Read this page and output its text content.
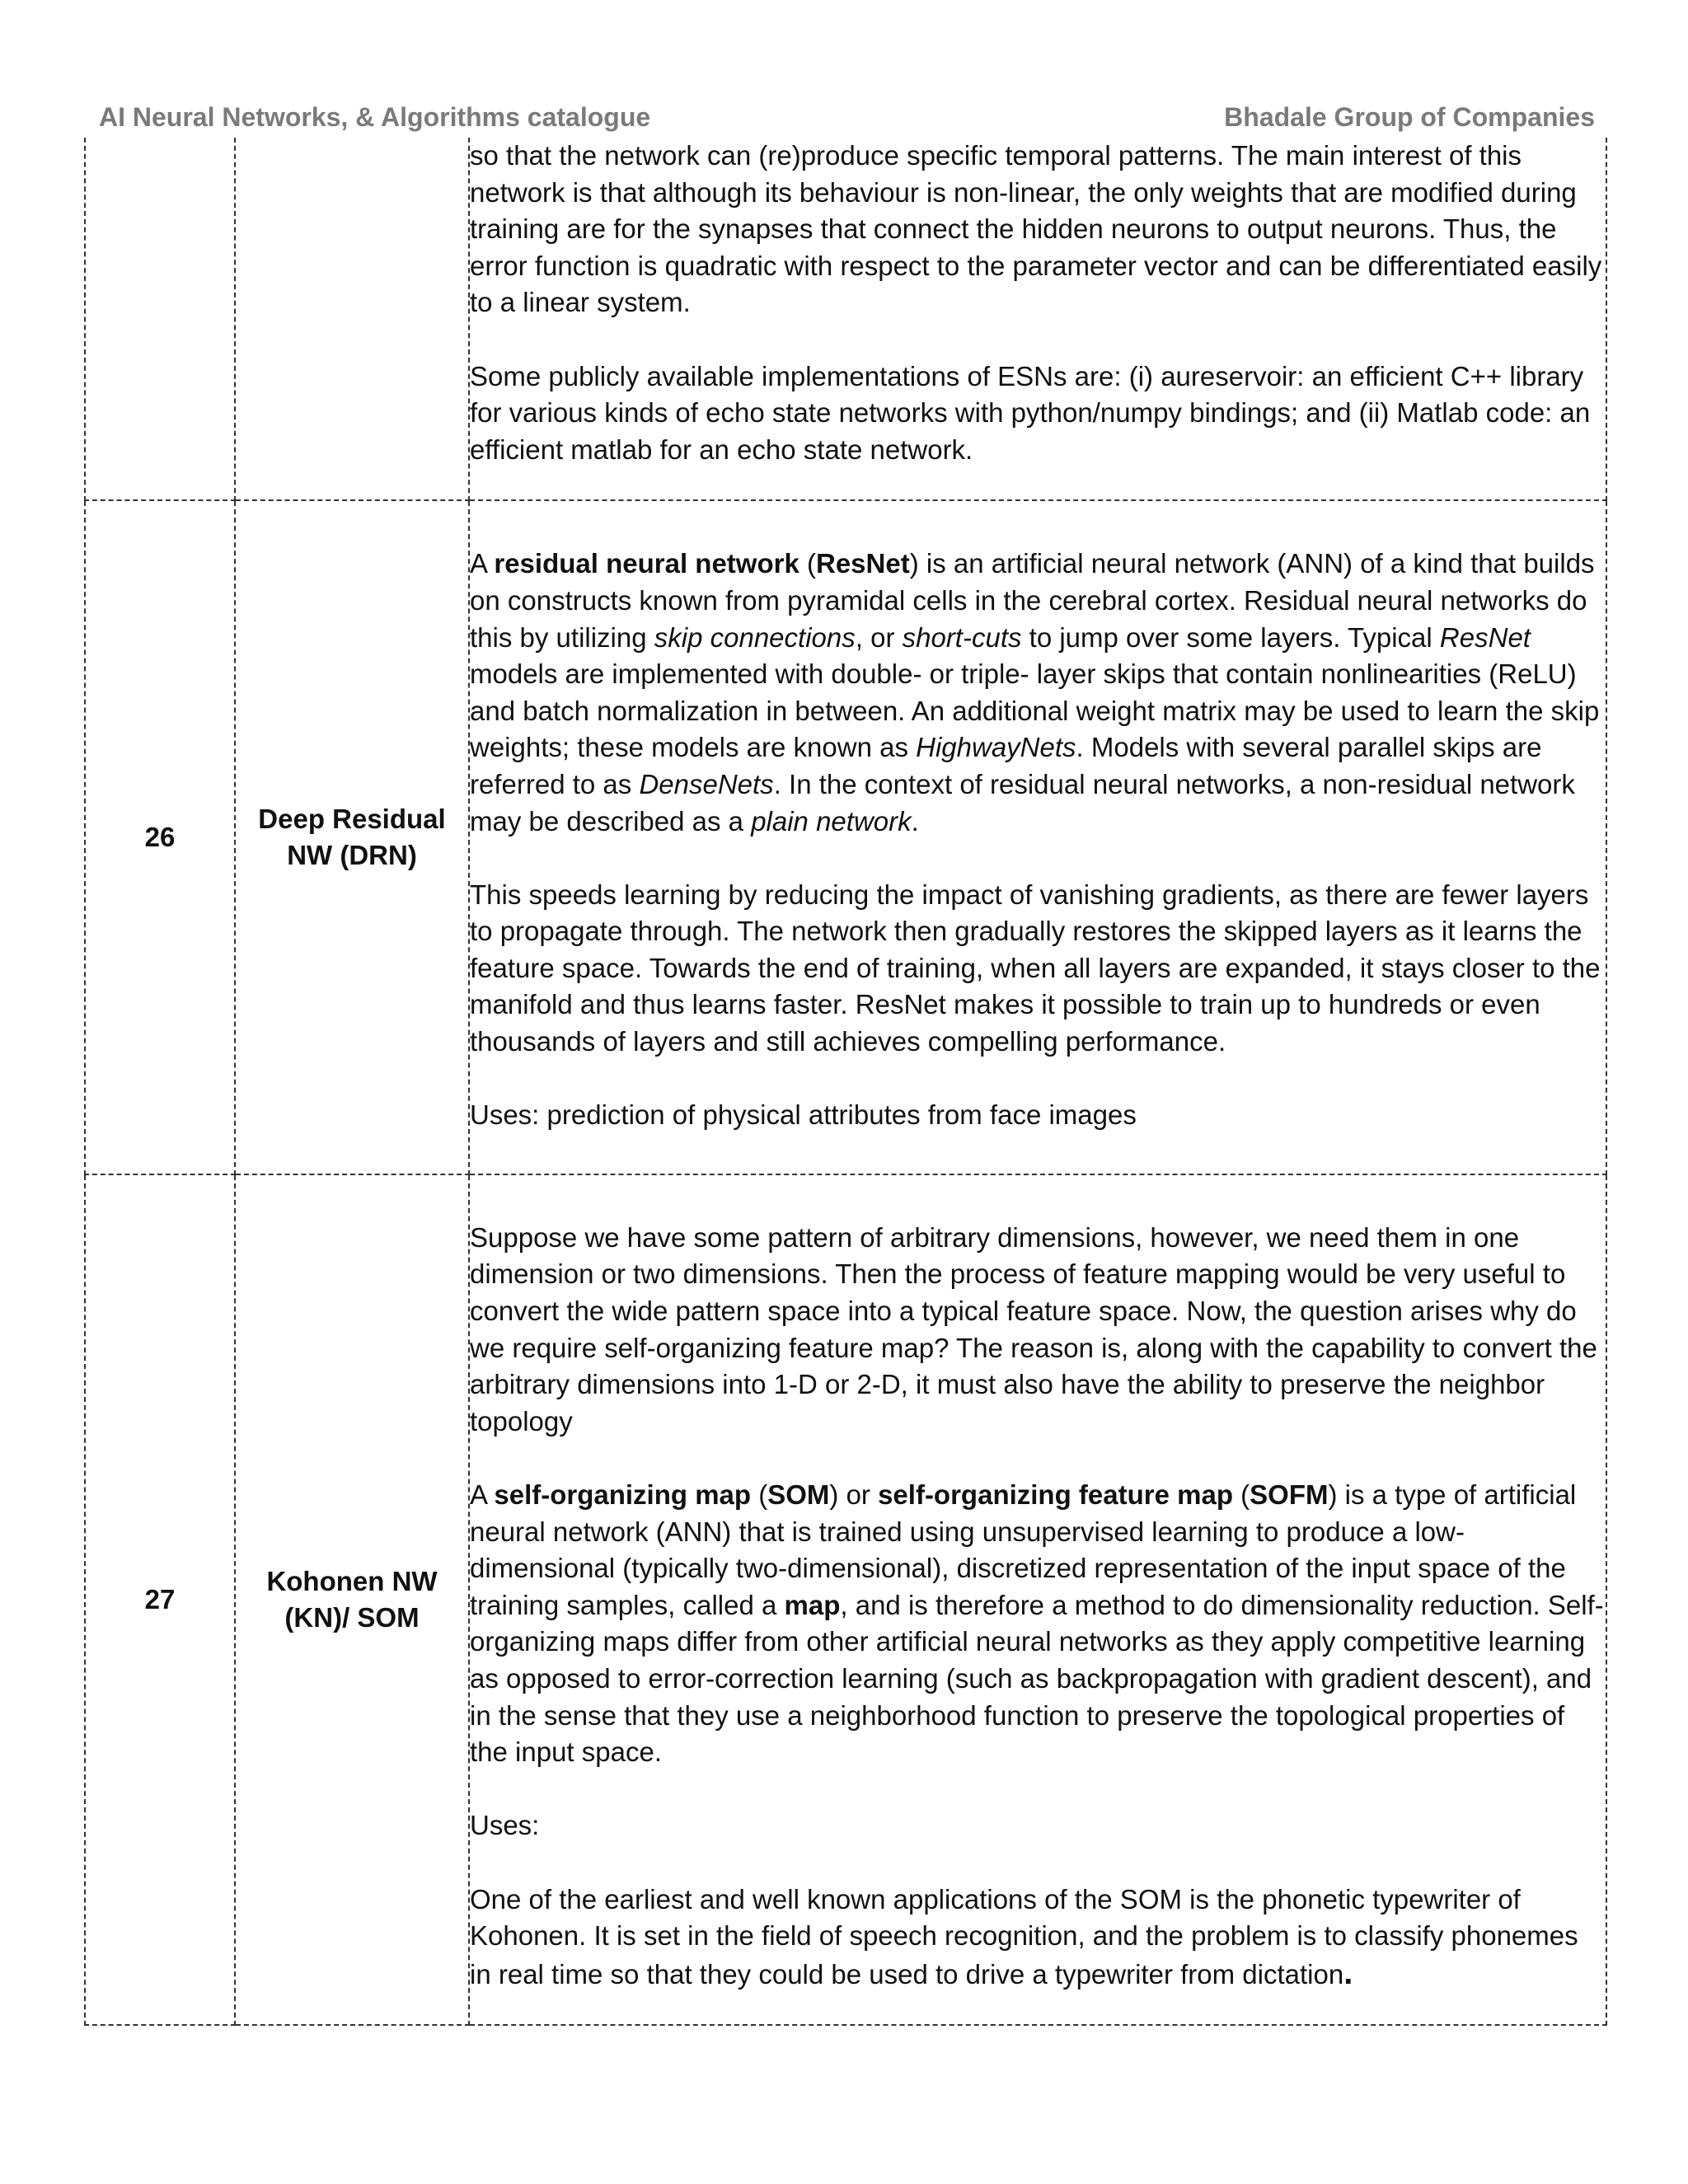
AI Neural Networks, & Algorithms catalogue	Bhadale Group of Companies

		so that the network can (re)produce specific temporal patterns. The main interest of this network is that although its behaviour is non-linear, the only weights that are modified during training are for the synapses that connect the hidden neurons to output neurons. Thus, the error function is quadratic with respect to the parameter vector and can be differentiated easily to a linear system.

Some publicly available implementations of ESNs are: (i) aureservoir: an efficient C++ library for various kinds of echo state networks with python/numpy bindings; and (ii) Matlab code: an efficient matlab for an echo state network.

26	Deep Residual NW (DRN)	A residual neural network (ResNet) is an artificial neural network (ANN) of a kind that builds on constructs known from pyramidal cells in the cerebral cortex. Residual neural networks do this by utilizing skip connections, or short-cuts to jump over some layers. Typical ResNet models are implemented with double- or triple- layer skips that contain nonlinearities (ReLU) and batch normalization in between. An additional weight matrix may be used to learn the skip weights; these models are known as HighwayNets. Models with several parallel skips are referred to as DenseNets. In the context of residual neural networks, a non-residual network may be described as a plain network.

This speeds learning by reducing the impact of vanishing gradients, as there are fewer layers to propagate through. The network then gradually restores the skipped layers as it learns the feature space. Towards the end of training, when all layers are expanded, it stays closer to the manifold and thus learns faster. ResNet makes it possible to train up to hundreds or even thousands of layers and still achieves compelling performance.

Uses: prediction of physical attributes from face images

27	Kohonen NW (KN)/ SOM	Suppose we have some pattern of arbitrary dimensions, however, we need them in one dimension or two dimensions. Then the process of feature mapping would be very useful to convert the wide pattern space into a typical feature space. Now, the question arises why do we require self-organizing feature map? The reason is, along with the capability to convert the arbitrary dimensions into 1-D or 2-D, it must also have the ability to preserve the neighbor topology

A self-organizing map (SOM) or self-organizing feature map (SOFM) is a type of artificial neural network (ANN) that is trained using unsupervised learning to produce a low-dimensional (typically two-dimensional), discretized representation of the input space of the training samples, called a map, and is therefore a method to do dimensionality reduction. Self-organizing maps differ from other artificial neural networks as they apply competitive learning as opposed to error-correction learning (such as backpropagation with gradient descent), and in the sense that they use a neighborhood function to preserve the topological properties of the input space.

Uses:

One of the earliest and well known applications of the SOM is the phonetic typewriter of Kohonen. It is set in the field of speech recognition, and the problem is to classify phonemes in real time so that they could be used to drive a typewriter from dictation.
